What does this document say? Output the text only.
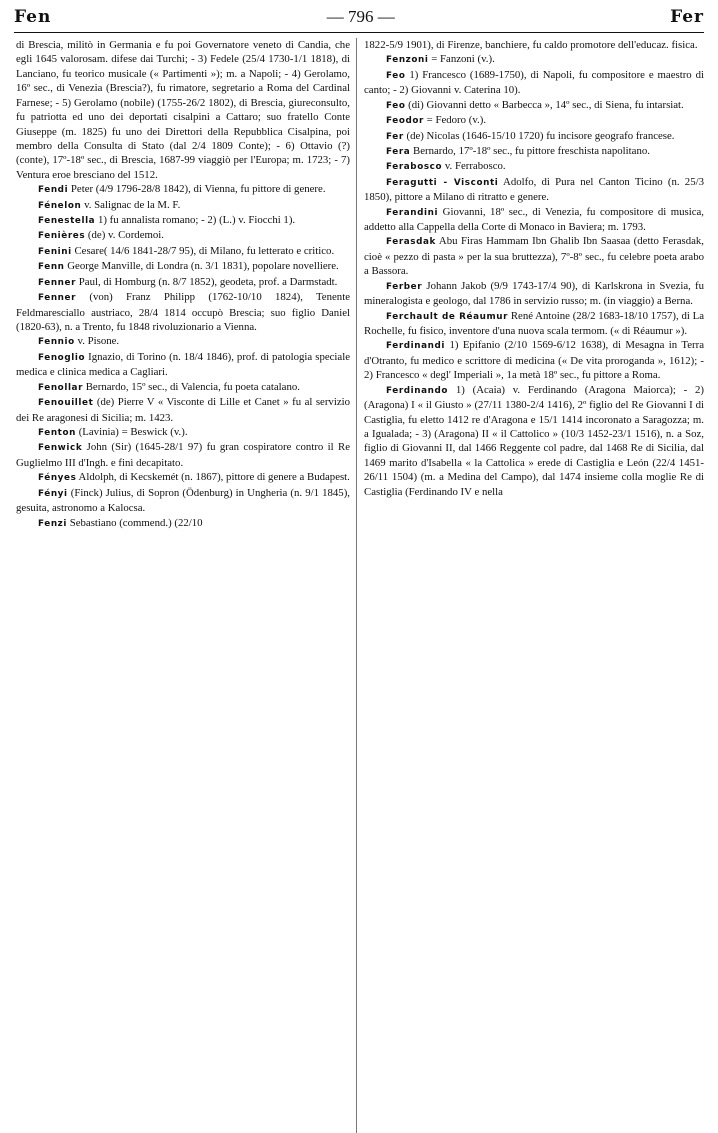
Fen	— 796 —	Fer

di Brescia, militò in Germania e fu poi Governatore veneto di Candia, che egli 1645 valorosam. difese dai Turchi; - 3) Fedele (25/4 1730-1/1 1818), di Lanciano, fu teorico musicale (« Partimenti »); m. a Napoli; - 4) Gerolamo, 16º sec., di Venezia (Brescia?), fu rimatore, segretario a Roma del Cardinal Farnese; - 5) Gerolamo (nobile) (1755-26/2 1802), di Brescia, giureconsulto, fu patriotta ed uno dei deportati cisalpini a Cattaro; suo fratello Conte Giuseppe (m. 1825) fu uno dei Direttori della Repubblica Cisalpina, poi membro della Consulta di Stato (dal 2/4 1809 Conte); - 6) Ottavio (?) (conte), 17º-18º sec., di Brescia, 1687-99 viaggiò per l'Europa; m. 1723; - 7) Ventura eroe bresciano del 1512.

Fendi Peter (4/9 1796-28/8 1842), di Vienna, fu pittore di genere.

Fénelon v. Salignac de la M. F.

Fenestella 1) fu annalista romano; - 2) (L.) v. Fiocchi 1).

Fenières (de) v. Cordemoi.

Fenini Cesare( 14/6 1841-28/7 95), di Milano, fu letterato e critico.

Fenn George Manville, di Londra (n. 3/1 1831), popolare novelliere.

Fenner Paul, di Homburg (n. 8/7 1852), geodeta, prof. a Darmstadt.

Fenner (von) Franz Philipp (1762-10/10 1824), Tenente Feldmaresciallo austriaco, 28/4 1814 occupò Brescia; suo figlio Daniel (1820-63), n. a Trento, fu 1848 rivoluzionario a Vienna.

Fennio v. Pisone.

Fenoglio Ignazio, di Torino (n. 18/4 1846), prof. di patologia speciale medica e clinica medica a Cagliari.

Fenollar Bernardo, 15º sec., di Valencia, fu poeta catalano.

Fenouillet (de) Pierre V « Visconte di Lille et Canet » fu al servizio dei Re aragonesi di Sicilia; m. 1423.

Fenton (Lavinia) = Beswick (v.).

Fenwick John (Sir) (1645-28/1 97) fu gran cospiratore contro il Re Guglielmo III d'Ingh. e finì decapitato.

Fényes Aldolph, di Kecskemét (n. 1867), pittore di genere a Budapest.

Fényi (Finck) Julius, di Sopron (Ödenburg) in Ungheria (n. 9/1 1845), gesuita, astronomo a Kalocsa.

Fenzi Sebastiano (commend.) (22/10

1822-5/9 1901), di Firenze, banchiere, fu caldo promotore dell'educaz. fisica.

Fenzoni = Fanzoni (v.).

Feo 1) Francesco (1689-1750), di Napoli, fu compositore e maestro di canto; - 2) Giovanni v. Caterina 10).

Feo (di) Giovanni detto « Barbecca », 14º sec., di Siena, fu intarsiat.

Feodor = Fedoro (v.).

Fer (de) Nicolas (1646-15/10 1720) fu incisore geografo francese.

Fera Bernardo, 17º-18º sec., fu pittore freschista napolitano.

Ferabosco v. Ferrabosco.

Feragutti - Visconti Adolfo, di Pura nel Canton Ticino (n. 25/3 1850), pittore a Milano di ritratto e genere.

Ferandini Giovanni, 18º sec., di Venezia, fu compositore di musica, addetto alla Cappella della Corte di Monaco in Baviera; m. 1793.

Ferasdak Abu Firas Hammam Ibn Ghalib Ibn Saasaa (detto Ferasdak, cioè « pezzo di pasta » per la sua bruttezza), 7º-8º sec., fu celebre poeta arabo a Bassora.

Ferber Johann Jakob (9/9 1743-17/4 90), di Karlskrona in Svezia, fu mineralogista e geologo, dal 1786 in servizio russo; m. (in viaggio) a Berna.

Ferchault de Réaumur René Antoine (28/2 1683-18/10 1757), di La Rochelle, fu fisico, inventore d'una nuova scala termom. (« di Réaumur »).

Ferdinandi 1) Epifanio (2/10 1569-6/12 1638), di Mesagna in Terra d'Otranto, fu medico e scrittore di medicina (« De vita proroganda », 1612); - 2) Francesco « degl' Imperiali », 1a metà 18º sec., fu pittore a Roma.

Ferdinando 1) (Acaia) v. Ferdinando (Aragona Maiorca); - 2) (Aragona) I « il Giusto » (27/11 1380-2/4 1416), 2º figlio del Re Giovanni I di Castiglia, fu eletto 1412 re d'Aragona e 15/1 1414 incoronato a Saragozza; m. a Igualada; - 3) (Aragona) II « il Cattolico » (10/3 1452-23/1 1516), n. a Soz, figlio di Giovanni II, dal 1466 Reggente col padre, dal 1468 Re di Sicilia, dal 1469 marito d'Isabella « la Cattolica » erede di Castiglia e León (22/4 1451-26/11 1504) (m. a Medina del Campo), dal 1474 insieme colla moglie Re di Castiglia (Ferdinando IV e nella
